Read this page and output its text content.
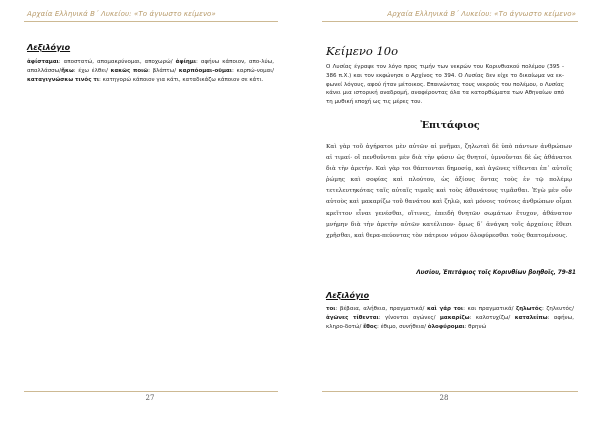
Αρχαία Ελληνικά Β΄ Λυκείου: «Το άγνωστο κείμενο»
Λεξιλόγιο
ἀφίσταμαι: αποστατώ, απομακρύνομαι, αποχωρώ/ ἀφίημι: αφήνω κάποιον, απο-λύω, απαλλάσσω/ἥκω: έχω έλθει/ κακῶς ποιῶ: βλάπτω/ καρπόομαι-οῦμαι: καρπώ-νομαι/ καταγιγνώσκω τινός τι: κατηγορώ κάποιον για κάτι, καταδικάζω κάποιον σε κάτι.
27
Αρχαία Ελληνικά Β΄ Λυκείου: «Το άγνωστο κείμενο»
28
Κείμενο 10ο
Ο Λυσίας έγραψε τον λόγο προς τιμήν των νεκρών του Κορινθιακού πολέμου (395 - 386 π.Χ.) και τον εκφώνησε ο Αρχίνος το 394. Ο Λυσίας δεν είχε το δικαίωμα να εκ-φωνεί λόγους, αφού ήταν μέτοικος. Επαινώντας τους νεκρούς του πολέμου, ο Λυσίας κάνει μια ιστορική αναδρομή, αναφέροντας όλα τα κατορθώματα των Αθηναίων από τη μυθική εποχή ως τις μέρες του.
Ἐπιτάφιος
Καὶ γὰρ τοῦ ἀγήρατοι μὲν αὐτῶν αἱ μνῆμαι, ζηλωταὶ δὲ ὑπὸ πάντων ἀνθρώπων αἱ τιμαί· οἳ πενθοῦνται μὲν διὰ τὴν φύσιν ὡς θνητοί, ὑμνοῦνται δὲ ὡς ἀθάνατοι διὰ τὴν ἀρετήν. Καὶ γὰρ τοι θάπτονται δημοσίᾳ, καὶ ἀγῶνες τίθενται ἐπ᾽ αὐτοῖς ῥώμης καὶ σοφίας καὶ πλούτου, ὡς ἀξίους ὄντας τοὺς ἐν τῷ πολέμῳ τετελευτηκότας ταῖς αὐταῖς τιμαῖς καὶ τοὺς ἀθανάτους τιμᾶσθαι. Ἐγὼ μὲν οὖν αὐτοὺς καὶ μακαρίζω τοῦ θανάτου καὶ ζηλῶ, καὶ μόνοις τούτοις ἀνθρώπων οἶμαι κρεῖττον εἶναι γενέσθαι, οἵτινες, ἐπειδὴ θνητῶν σωμάτων ἔτυχον, ἀθάνατον μνήμην διὰ τὴν ἀρετὴν αὑτῶν κατέλιπον· ὅμως δ᾽ ἀνάγκη τοῖς ἀρχαίοις ἔθεσι χρῆσθαι, καὶ θερα-πεύοντας τὸν πάτριον νόμον ὀλοφύρεσθαι τοὺς θαπτομένους.
Λυσίου, Ἐπιτάφιος τοῖς Κορινθίων βοηθοῖς, 79-81
Λεξιλόγιο
τοι: βέβαια, αλήθεια, πραγματικά/ καὶ γάρ τοι: και πραγματικά/ ζηλωτός: ζηλευτός/ ἀγῶνες τίθενται: γίνονται αγώνες/ μακαρίζω: καλοτυχίζω/ καταλείπω: αφήνω, κληρο-δοτώ/ ἔθος: έθιμο, συνήθεια/ ὀλοφύρομαι: θρηνώ
